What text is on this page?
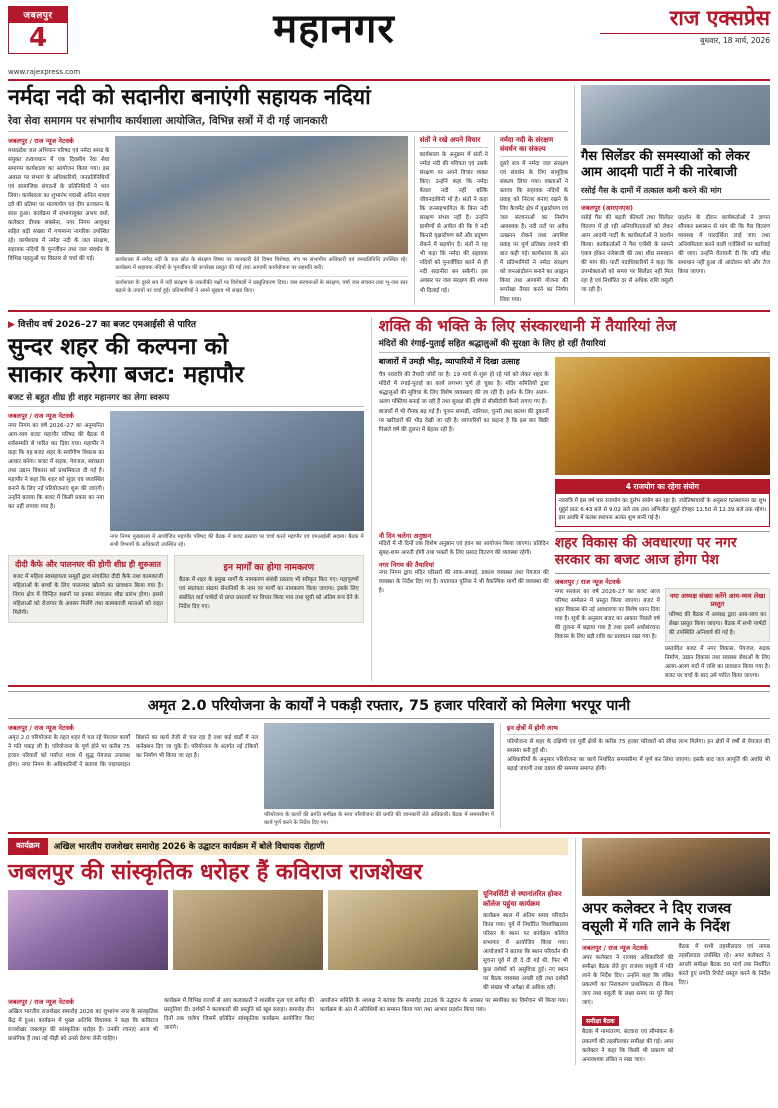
जबलपुर
4	महानगर	राज एक्सप्रेस
बुधवार, 18 मार्च, 2026
www.rajexpress.com
नर्मदा नदी को सदानीरा बनाएंगी सहायक नदियां
रेवा सेवा समागम पर संभागीय कार्यशाला आयोजित, विभिन्न सत्रों में दी गई जानकारी
जबलपुर / राज न्यूज नेटवर्क
मध्यप्रदेश जल अभियान परिषद एवं नर्मदा समग्र के संयुक्त तत्वावधान में एक दिवसीय रेवा सेवा समागम कार्यशाला का आयोजन किया गया। इस अवसर पर संभाग के अधिकारियों, जनप्रतिनिधियों एवं सामाजिक संगठनों के प्रतिनिधियों ने भाग लिया। कार्यशाला का शुभारंभ पद्मश्री अनिल माधव दवे की प्रतिमा पर माल्यार्पण एवं दीप प्रज्वलन के साथ हुआ। कार्यक्रम में संभागायुक्त अभय वर्मा, कलेक्टर दीपक सक्सेना, नगर निगम आयुक्त सहित बड़ी संख्या में गणमान्य नागरिक उपस्थित रहे। कार्यशाला में नर्मदा नदी के जल संरक्षण, सहायक नदियों के पुनर्जीवन तथा जल संवर्धन के विभिन्न पहलुओं पर विस्तार से चर्चा की गई।	कार्यशाला में नर्मदा नदी के जल स्रोत के संरक्षण विषय पर जानकारी देते विषय विशेषज्ञ, मंच पर संभागीय अधिकारी एवं जनप्रतिनिधि उपस्थित रहे। कार्यक्रम में सहायक नदियों के पुनर्जीवन की रूपरेखा प्रस्तुत की गई तथा आगामी कार्ययोजना पर सहमति बनी।
कार्यशाला के दूसरे सत्र में नदी संरक्षण के तकनीकी पक्षों पर विशेषज्ञों ने प्रस्तुतिकरण दिया। जल संरचनाओं के संरक्षण, वर्षा जल संचयन तथा भू-जल स्तर बढ़ाने के उपायों पर चर्चा हुई। प्रतिभागियों ने अपने सुझाव भी साझा किए।
संतों ने रखे अपने विचार
कार्यशाला के अनुक्रम में संतों ने नर्मदा नदी की पवित्रता एवं उसके संरक्षण पर अपने विचार व्यक्त किए। उन्होंने कहा कि नर्मदा केवल नदी नहीं बल्कि जीवनदायिनी माँ है। संतों ने कहा कि जनसहभागिता के बिना नदी संरक्षण संभव नहीं है। उन्होंने ग्रामीणों से अपील की कि वे नदी किनारे वृक्षारोपण करें और प्रदूषण रोकने में सहयोग दें। संतों ने यह भी कहा कि नर्मदा की सहायक नदियों को पुनर्जीवित करने से ही नदी सदानीरा बन सकेगी। इस अवसर पर जल संरक्षण की शपथ भी दिलाई गई।
नर्मदा नदी के संरक्षण संवर्धन का संकल्प
दूसरे सत्र में नर्मदा जल संरक्षण एवं संवर्धन के लिए सामूहिक संकल्प लिया गया। वक्ताओं ने बताया कि सहायक नदियों के प्रवाह को निरंतर बनाए रखने के लिए कैचमेंट क्षेत्र में वृक्षारोपण एवं जल संरचनाओं का निर्माण आवश्यक है। नदी तटों पर अवैध उत्खनन रोकने तथा अपशिष्ट प्रवाह पर पूर्ण प्रतिबंध लगाने की बात कही गई। कार्यशाला के अंत में प्रतिभागियों ने नर्मदा संरक्षण को जनआंदोलन बनाने का आह्वान किया तथा आगामी योजना की रूपरेखा तैयार करने का निर्णय लिया गया।
गैस सिलेंडर की समस्याओं को लेकर आम आदमी पार्टी ने की नारेबाजी
रसोई गैस के दामों में तत्काल कमी करने की मांग
जबलपुर (आरएनएस)
रसोई गैस की बढ़ती कीमतों तथा सिलेंडर वितरण में हो रही अनियमितताओं को लेकर आम आदमी पार्टी के कार्यकर्ताओं ने प्रदर्शन किया। कार्यकर्ताओं ने गैस एजेंसी के सामने एकत्र होकर नारेबाजी की तथा शीघ्र समाधान की मांग की। पार्टी पदाधिकारियों ने कहा कि उपभोक्ताओं को समय पर सिलेंडर नहीं मिल रहा है एवं निर्धारित दर से अधिक राशि वसूली जा रही है।
प्रदर्शन के दौरान कार्यकर्ताओं ने ज्ञापन सौंपकर प्रशासन से मांग की कि गैस वितरण व्यवस्था में पारदर्शिता लाई जाए तथा अनियमितता करने वाली एजेंसियों पर कार्रवाई की जाए। उन्होंने चेतावनी दी कि यदि शीघ्र समाधान नहीं हुआ तो आंदोलन को और तेज किया जाएगा।
▶ वित्तीय वर्ष 2026–27 का बजट एमआईसी से पारित
सुन्दर शहर की कल्पना को
साकार करेगा बजट: महापौर
बजट से बहुत शीघ्र ही शहर महानगर का लेगा स्वरूप
जबलपुर / राज न्यूज नेटवर्क
नगर निगम का वर्ष 2026–27 का अनुमानित आय-व्यय बजट महापौर परिषद की बैठक में सर्वसम्मति से पारित कर दिया गया। महापौर ने कहा कि यह बजट शहर के सर्वांगीण विकास का आधार बनेगा। बजट में सड़क, पेयजल, स्वच्छता तथा उद्यान विकास को प्राथमिकता दी गई है। महापौर ने कहा कि शहर को सुंदर एवं व्यवस्थित बनाने के लिए नई परियोजनाएं शुरू की जाएंगी। उन्होंने बताया कि बजट में किसी प्रकार का नया कर नहीं लगाया गया है।
नगर निगम मुख्यालय में आयोजित महापौर परिषद की बैठक में बजट प्रस्ताव पर चर्चा करते महापौर एवं एमआईसी सदस्य। बैठक में सभी विभागों के अधिकारी उपस्थित रहे।
दीदी कैफे और पालनघर की होगी शीघ्र ही शुरुआत
बजट में महिला स्वसहायता समूहों द्वारा संचालित दीदी कैफे तथा कामकाजी महिलाओं के बच्चों के लिए पालनघर खोलने का प्रावधान किया गया है। निगम क्षेत्र में चिन्हित स्थानों पर इनका संचालन शीघ्र प्रारंभ होगा। इससे महिलाओं को रोजगार के अवसर मिलेंगे तथा कामकाजी माताओं को राहत मिलेगी।
इन मार्गों का होगा नामकरण
बैठक में शहर के प्रमुख मार्गों के नामकरण संबंधी प्रस्ताव भी स्वीकृत किए गए। महापुरुषों एवं स्वतंत्रता संग्राम सेनानियों के नाम पर मार्गों का नामकरण किया जाएगा। इसके लिए संबंधित वार्ड पार्षदों से प्राप्त प्रस्तावों पर विचार किया गया तथा सूची को अंतिम रूप देने के निर्देश दिए गए।
शक्ति की भक्ति के लिए संस्कारधानी में तैयारियां तेज
मंदिरों की रंगाई-पुताई सहित श्रद्धालुओं की सुरक्षा के लिए हो रहीं तैयारियां
बाजारों में उमड़ी भीड़, व्यापारियों में दिखा उत्साह
चैत्र नवरात्रि की तैयारी जोरों पर है। 19 मार्च से शुरू हो रहे पर्व को लेकर शहर के मंदिरों में रंगाई-पुताई का कार्य लगभग पूर्ण हो चुका है। मंदिर समितियों द्वारा श्रद्धालुओं की सुविधा के लिए विशेष व्यवस्थाएं की जा रही हैं। दर्शन के लिए अलग-अलग पंक्तियां बनाई जा रही हैं तथा सुरक्षा की दृष्टि से सीसीटीवी कैमरे लगाए गए हैं।
बाजारों में भी रौनक बढ़ गई है। पूजन सामग्री, नारियल, चुनरी तथा कलश की दुकानों पर खरीदारों की भीड़ देखी जा रही है। व्यापारियों का कहना है कि इस बार बिक्री पिछले वर्ष की तुलना में बेहतर रही है।
4 राजयोग का रहेगा संयोग
नवरात्रि में इस वर्ष चार राजयोग का दुर्लभ संयोग बन रहा है। ज्योतिषाचार्यों के अनुसार घटस्थापना का शुभ मुहूर्त प्रातः 6.43 बजे से 9.02 बजे तक तथा अभिजीत मुहूर्त दोपहर 11.50 से 12.39 बजे तक रहेगा। इस अवधि में कलश स्थापना अत्यंत शुभ मानी गई है।
नौ दिन चलेगा अनुष्ठान
मंदिरों में नौ दिनों तक विशेष अनुष्ठान एवं हवन का आयोजन किया जाएगा। प्रतिदिन सुबह-शाम आरती होगी तथा भक्तों के लिए प्रसाद वितरण की व्यवस्था रहेगी।
नगर निगम की तैयारियां
नगर निगम द्वारा मंदिर परिसरों की साफ-सफाई, प्रकाश व्यवस्था तथा पेयजल की व्यवस्था के निर्देश दिए गए हैं। यातायात पुलिस ने भी वैकल्पिक मार्गों की व्यवस्था की है।
शहर विकास की अवधारणा पर नगर
सरकार का बजट आज होगा पेश
जबलपुर / राज न्यूज नेटवर्क
नगर सरकार का वर्ष 2026-27 का बजट आज परिषद सम्मेलन में प्रस्तुत किया जाएगा। बजट में शहर विकास की नई अवधारणा पर विशेष ध्यान दिया गया है। सूत्रों के अनुसार बजट का आकार पिछले वर्ष की तुलना में बढ़ाया गया है तथा इसमें अधोसंरचना विकास के लिए बड़ी राशि का प्रावधान रखा गया है।
नया अध्यक्ष संख्या करेंगे आय-व्यय लेखा प्रस्तुत
परिषद की बैठक में अध्यक्ष द्वारा आय-व्यय का लेखा प्रस्तुत किया जाएगा। बैठक में सभी पार्षदों की उपस्थिति अनिवार्य की गई है।
प्रस्तावित बजट में नगर विकास, पेयजल, सड़क निर्माण, उद्यान विकास तथा स्वास्थ्य सेवाओं के लिए अलग-अलग मदों में राशि का प्रावधान किया गया है। बजट पर चर्चा के बाद उसे पारित किया जाएगा।
अमृत 2.0 परियोजना के कार्यों ने पकड़ी रफ्तार, 75 हजार परिवारों को मिलेगा भरपूर पानी
जबलपुर / राज न्यूज नेटवर्क
अमृत 2.0 परियोजना के तहत शहर में चल रहे पेयजल कार्यों ने गति पकड़ ली है। परियोजना के पूर्ण होने पर करीब 75 हजार परिवारों को पर्याप्त मात्रा में शुद्ध पेयजल उपलब्ध होगा। नगर निगम के अधिकारियों ने बताया कि पाइपलाइन बिछाने का कार्य तेजी से चल रहा है तथा कई वार्डों में नल कनेक्शन दिए जा चुके हैं। परियोजना के अंतर्गत नई टंकियों का निर्माण भी किया जा रहा है।
परियोजना के कार्यों की प्रगति समीक्षा के साथ परियोजना की प्रगति की जानकारी लेते अधिकारी। बैठक में समयसीमा में कार्य पूर्ण करने के निर्देश दिए गए।
इन क्षेत्रों में होगी लाभ
परियोजना से शहर के दक्षिणी एवं पूर्वी क्षेत्रों के करीब 75 हजार परिवारों को सीधा लाभ मिलेगा। इन क्षेत्रों में वर्षों से पेयजल की समस्या बनी हुई थी।
अधिकारियों के अनुसार परियोजना का कार्य निर्धारित समयसीमा में पूर्ण कर लिया जाएगा। इसके बाद जल आपूर्ति की अवधि भी बढ़ाई जाएगी तथा दबाव की समस्या समाप्त होगी।
कार्यक्रम	अखिल भारतीय राजशेखर समारोह 2026 के उद्घाटन कार्यक्रम में बोले विधायक रोहाणी
जबलपुर की सांस्कृतिक धरोहर हैं कविराज राजशेखर
यूनिवर्सिटी से स्थानांतरित होकर कॉलेज पहुंचा कार्यक्रम
कार्यक्रम स्थल में अंतिम समय परिवर्तन किया गया। पूर्व में निर्धारित विश्वविद्यालय परिसर के स्थान पर कार्यक्रम कॉलेज सभागार में आयोजित किया गया। आयोजकों ने बताया कि स्थान परिवर्तन की सूचना पूर्व में ही दे दी गई थी, फिर भी कुछ दर्शकों को असुविधा हुई। नए स्थान पर बैठक व्यवस्था अच्छी रही तथा दर्शकों की संख्या भी अपेक्षा से अधिक रही।
जबलपुर / राज न्यूज नेटवर्क
अखिल भारतीय राजशेखर समारोह 2026 का शुभारंभ नगर के सांस्कृतिक केंद्र में हुआ। कार्यक्रम में मुख्य अतिथि विधायक ने कहा कि कविराज राजशेखर जबलपुर की सांस्कृतिक धरोहर हैं। उनकी रचनाएं आज भी प्रासंगिक हैं तथा नई पीढ़ी को उनसे प्रेरणा लेनी चाहिए।
कार्यक्रम में विभिन्न राज्यों से आए कलाकारों ने शास्त्रीय नृत्य एवं संगीत की प्रस्तुतियां दीं। दर्शकों ने कलाकारों की प्रस्तुति को खूब सराहा। समारोह तीन दिनों तक चलेगा जिसमें प्रतिदिन सांस्कृतिक कार्यक्रम आयोजित किए जाएंगे।
आयोजन समिति के अध्यक्ष ने बताया कि समारोह 2026 के उद्घाटन के अवसर पर स्मारिका का विमोचन भी किया गया। कार्यक्रम के अंत में अतिथियों का सम्मान किया गया तथा आभार प्रदर्शन किया गया।
अपर कलेक्टर ने दिए राजस्व
वसूली में गति लाने के निर्देश
जबलपुर / राज न्यूज नेटवर्क
अपर कलेक्टर ने राजस्व अधिकारियों की समीक्षा बैठक लेते हुए राजस्व वसूली में गति लाने के निर्देश दिए। उन्होंने कहा कि लंबित प्रकरणों का निराकरण प्राथमिकता से किया जाए तथा वसूली के लक्ष्य समय पर पूरे किए जाएं।
समीक्षा बैठक
बैठक में नामांतरण, बंटवारा एवं सीमांकन के प्रकरणों की तहसीलवार समीक्षा की गई। अपर कलेक्टर ने कहा कि किसी भी प्रकरण को अनावश्यक लंबित न रखा जाए।
बैठक में सभी तहसीलदार एवं नायब तहसीलदार उपस्थित रहे। अपर कलेक्टर ने अगली समीक्षा बैठक 30 मार्च तक निर्धारित करते हुए प्रगति रिपोर्ट प्रस्तुत करने के निर्देश दिए।
